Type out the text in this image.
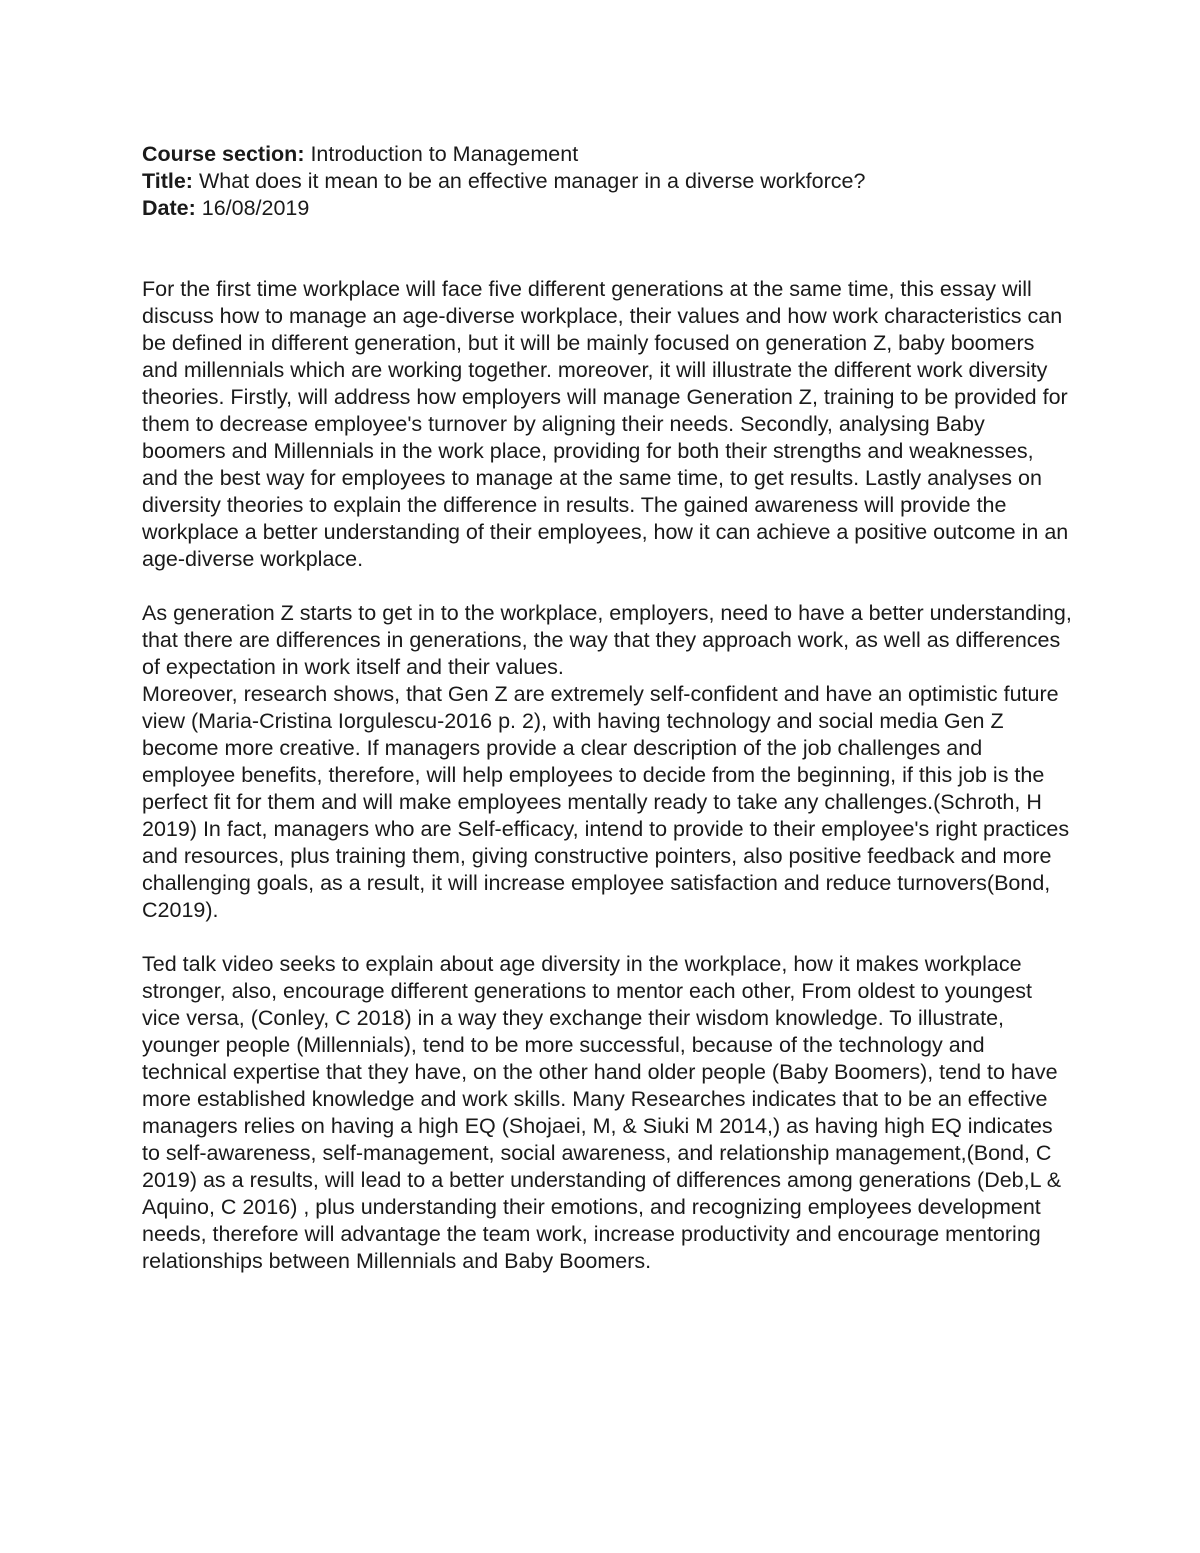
Course section: Introduction to Management

Title: What does it mean to be an effective manager in a diverse workforce?

Date: 16/08/2019

For the first time workplace will face five different generations at the same time, this essay will discuss how to manage an age-diverse workplace, their values and how work characteristics can be defined in different generation, but it will be mainly focused on generation Z, baby boomers and millennials which are working together. moreover, it will illustrate the different work diversity theories. Firstly, will address how employers will manage Generation Z, training to be provided for them to decrease employee's turnover by aligning their needs. Secondly, analysing Baby boomers and Millennials in the work place, providing for both their strengths and weaknesses, and the best way for employees to manage at the same time, to get results. Lastly analyses on diversity theories to explain the difference in results. The gained awareness will provide the workplace a better understanding of their employees, how it can achieve a positive outcome in an age-diverse workplace.

As generation Z starts to get in to the workplace, employers, need to have a better understanding, that there are differences in generations, the way that they approach work, as well as differences of expectation in work itself and their values.

Moreover, research shows, that Gen Z are extremely self-confident and have an optimistic future view (Maria-Cristina Iorgulescu-2016 p. 2), with having technology and social media Gen Z become more creative. If managers provide a clear description of the job challenges and employee benefits, therefore, will help employees to decide from the beginning, if this job is the perfect fit for them and will make employees mentally ready to take any challenges.(Schroth, H 2019) In fact, managers who are Self-efficacy, intend to provide to their employee's right practices and resources, plus training them, giving constructive pointers, also positive feedback and more challenging goals, as a result, it will increase employee satisfaction and reduce turnovers(Bond, C2019).

Ted talk video seeks to explain about age diversity in the workplace, how it makes workplace stronger, also, encourage different generations to mentor each other, From oldest to youngest vice versa, (Conley, C 2018) in a way they exchange their wisdom knowledge. To illustrate, younger people (Millennials), tend to be more successful, because of the technology and technical expertise that they have, on the other hand older people (Baby Boomers), tend to have more established knowledge and work skills. Many Researches indicates that to be an effective managers relies on having a high EQ (Shojaei, M, & Siuki M 2014,) as having high EQ indicates to self-awareness, self-management, social awareness, and relationship management,(Bond, C 2019) as a results, will lead to a better understanding of differences among generations (Deb,L & Aquino, C 2016) , plus understanding their emotions, and recognizing employees development needs, therefore will advantage the team work, increase productivity and encourage mentoring relationships between Millennials and Baby Boomers.
